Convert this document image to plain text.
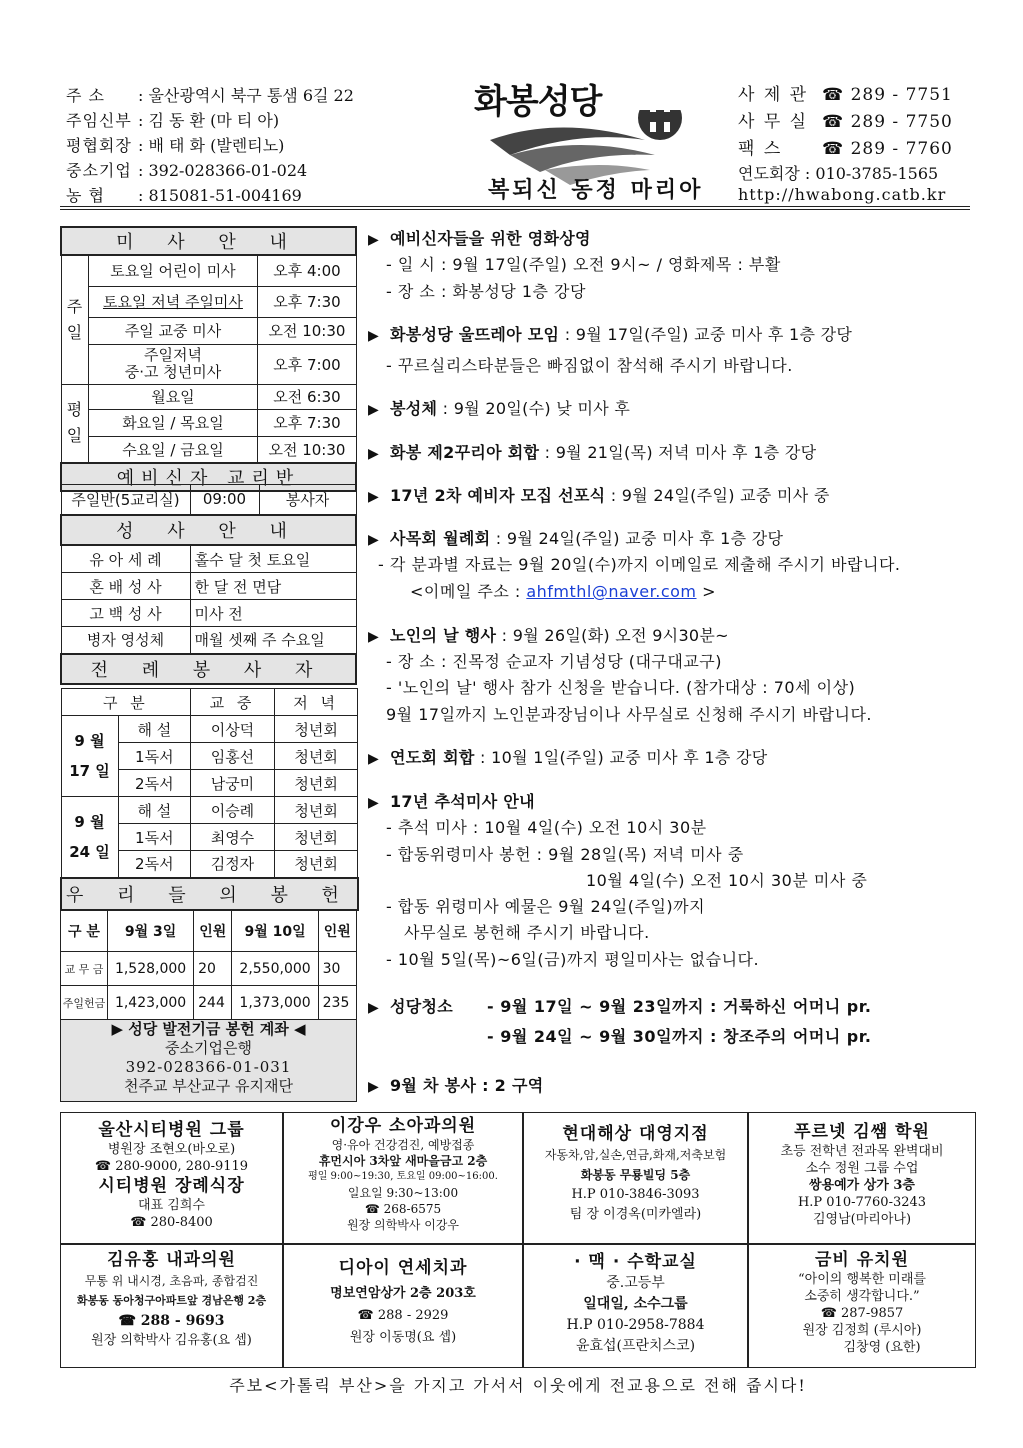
주 소 : 울산광역시 북구 통샘 6길 22
주임신부 : 김 동 환 (마 티 아)
평협회장 : 배 태 화 (발렌티노)
중소기업 : 392-028366-01-024
농 협 : 815081-51-004169
화봉성당
복되신 동정 마리아
사 제 관 ☎ 289 - 7751
사 무 실 ☎ 289 - 7750
팩 스 ☎ 289 - 7760
연도회장 : 010-3785-1565
http://hwabong.catb.kr
미 사 안 내		
주
일	토요일 어린이 미사	오후 4:00
	토요일 저녁 주일미사	오후 7:30
	주일 교중 미사	오전 10:30
	주일저녁
중·고 청년미사	오후 7:00
평
일	월요일	오전 6:30
	화요일 / 목요일	오후 7:30
	수요일 / 금요일	오전 10:30
예비신자 교리반		
주일반(5교리실)	09:00	봉사자
성 사 안 내
유 아 세 례	홀수 달 첫 토요일
혼 배 성 사	한 달 전 면담
고 백 성 사	미사 전
병자 영성체	매월 셋째 주 수요일
전 례 봉 사 자	
구 분		교 중	저 녁
9 월
17 일	해 설	이상덕	청년회
	1독서	임홍선	청년회
	2독서	남궁미	청년회
9 월
24 일	해 설	이승례	청년회
	1독서	최영수	청년회
	2독서	김정자	청년회
우 리 들 의 봉 헌			
구 분	9월 3일	인원	9월 10일	인원
교 무 금	1,528,000	20	2,550,000	30
주일헌금	1,423,000	244	1,373,000	235
▶ 성당 발전기금 봉헌 계좌 ◀
중소기업은행
392-028366-01-031
천주교 부산교구 유지재단
▶ 예비신자들을 위한 영화상영
- 일 시 : 9월 17일(주일) 오전 9시~ / 영화제목 : 부활
- 장 소 : 화봉성당 1층 강당
▶ 화봉성당 울뜨레아 모임 : 9월 17일(주일) 교중 미사 후 1층 강당
- 꾸르실리스타분들은 빠짐없이 참석해 주시기 바랍니다.
▶ 봉성체 : 9월 20일(수) 낮 미사 후
▶ 화봉 제2꾸리아 회합 : 9월 21일(목) 저녁 미사 후 1층 강당
▶ 17년 2차 예비자 모집 선포식 : 9월 24일(주일) 교중 미사 중
▶ 사목회 월례회 : 9월 24일(주일) 교중 미사 후 1층 강당
- 각 분과별 자료는 9월 20일(수)까지 이메일로 제출해 주시기 바랍니다.
<이메일 주소 : ahfmthl@naver.com >
▶ 노인의 날 행사 : 9월 26일(화) 오전 9시30분~
- 장 소 : 진목정 순교자 기념성당 (대구대교구)
- '노인의 날' 행사 참가 신청을 받습니다. (참가대상 : 70세 이상)
9월 17일까지 노인분과장님이나 사무실로 신청해 주시기 바랍니다.
▶ 연도회 회합 : 10월 1일(주일) 교중 미사 후 1층 강당
▶ 17년 추석미사 안내
- 추석 미사 : 10월 4일(수) 오전 10시 30분
- 합동위령미사 봉헌 : 9월 28일(목) 저녁 미사 중
10월 4일(수) 오전 10시 30분 미사 중
- 합동 위령미사 예물은 9월 24일(주일)까지
사무실로 봉헌해 주시기 바랍니다.
- 10월 5일(목)~6일(금)까지 평일미사는 없습니다.
▶ 성당청소 - 9월 17일 ~ 9월 23일까지 : 거룩하신 어머니 pr.
- 9월 24일 ~ 9월 30일까지 : 창조주의 어머니 pr.
▶ 9월 차 봉사 : 2 구역
울산시티병원 그룹
병원장 조현오(바오로)
☎ 280-9000, 280-9119
시티병원 장례식장
대표 김희수
☎ 280-8400
이강우 소아과의원
영·유아 건강검진, 예방접종
휴먼시아 3차앞 새마을금고 2층
평일 9:00~19:30, 토요일 09:00~16:00.
일요일 9:30~13:00
☎ 268-6575
원장 의학박사 이강우
현대해상 대영지점
자동차,암,실손,연금,화재,저축보험
화봉동 무룡빌딩 5층
H.P 010-3846-3093
팀 장 이경옥(미카엘라)
푸르넷 김쌤 학원
초등 전학년 전과목 완벽대비
소수 정원 그룹 수업
쌍용예가 상가 3층
H.P 010-7760-3243
김영남(마리아나)
김유홍 내과의원
무통 위 내시경, 초음파, 종합검진
화봉동 동아청구아파트앞 경남은행 2층
☎ 288 - 9693
원장 의학박사 김유홍(요 셉)
디아이 연세치과
명보연암상가 2층 203호
☎ 288 - 2929
원장 이동명(요 셉)
· 맥 · 수학교실
중.고등부
일대일, 소수그룹
H.P 010-2958-7884
윤효섭(프란치스코)
금비 유치원
“아이의 행복한 미래를
소중히 생각합니다.”
☎ 287-9857
원장 김정희 (루시아)
김창영 (요한)
주보<가톨릭 부산>을 가지고 가서서 이웃에게 전교용으로 전해 줍시다!
